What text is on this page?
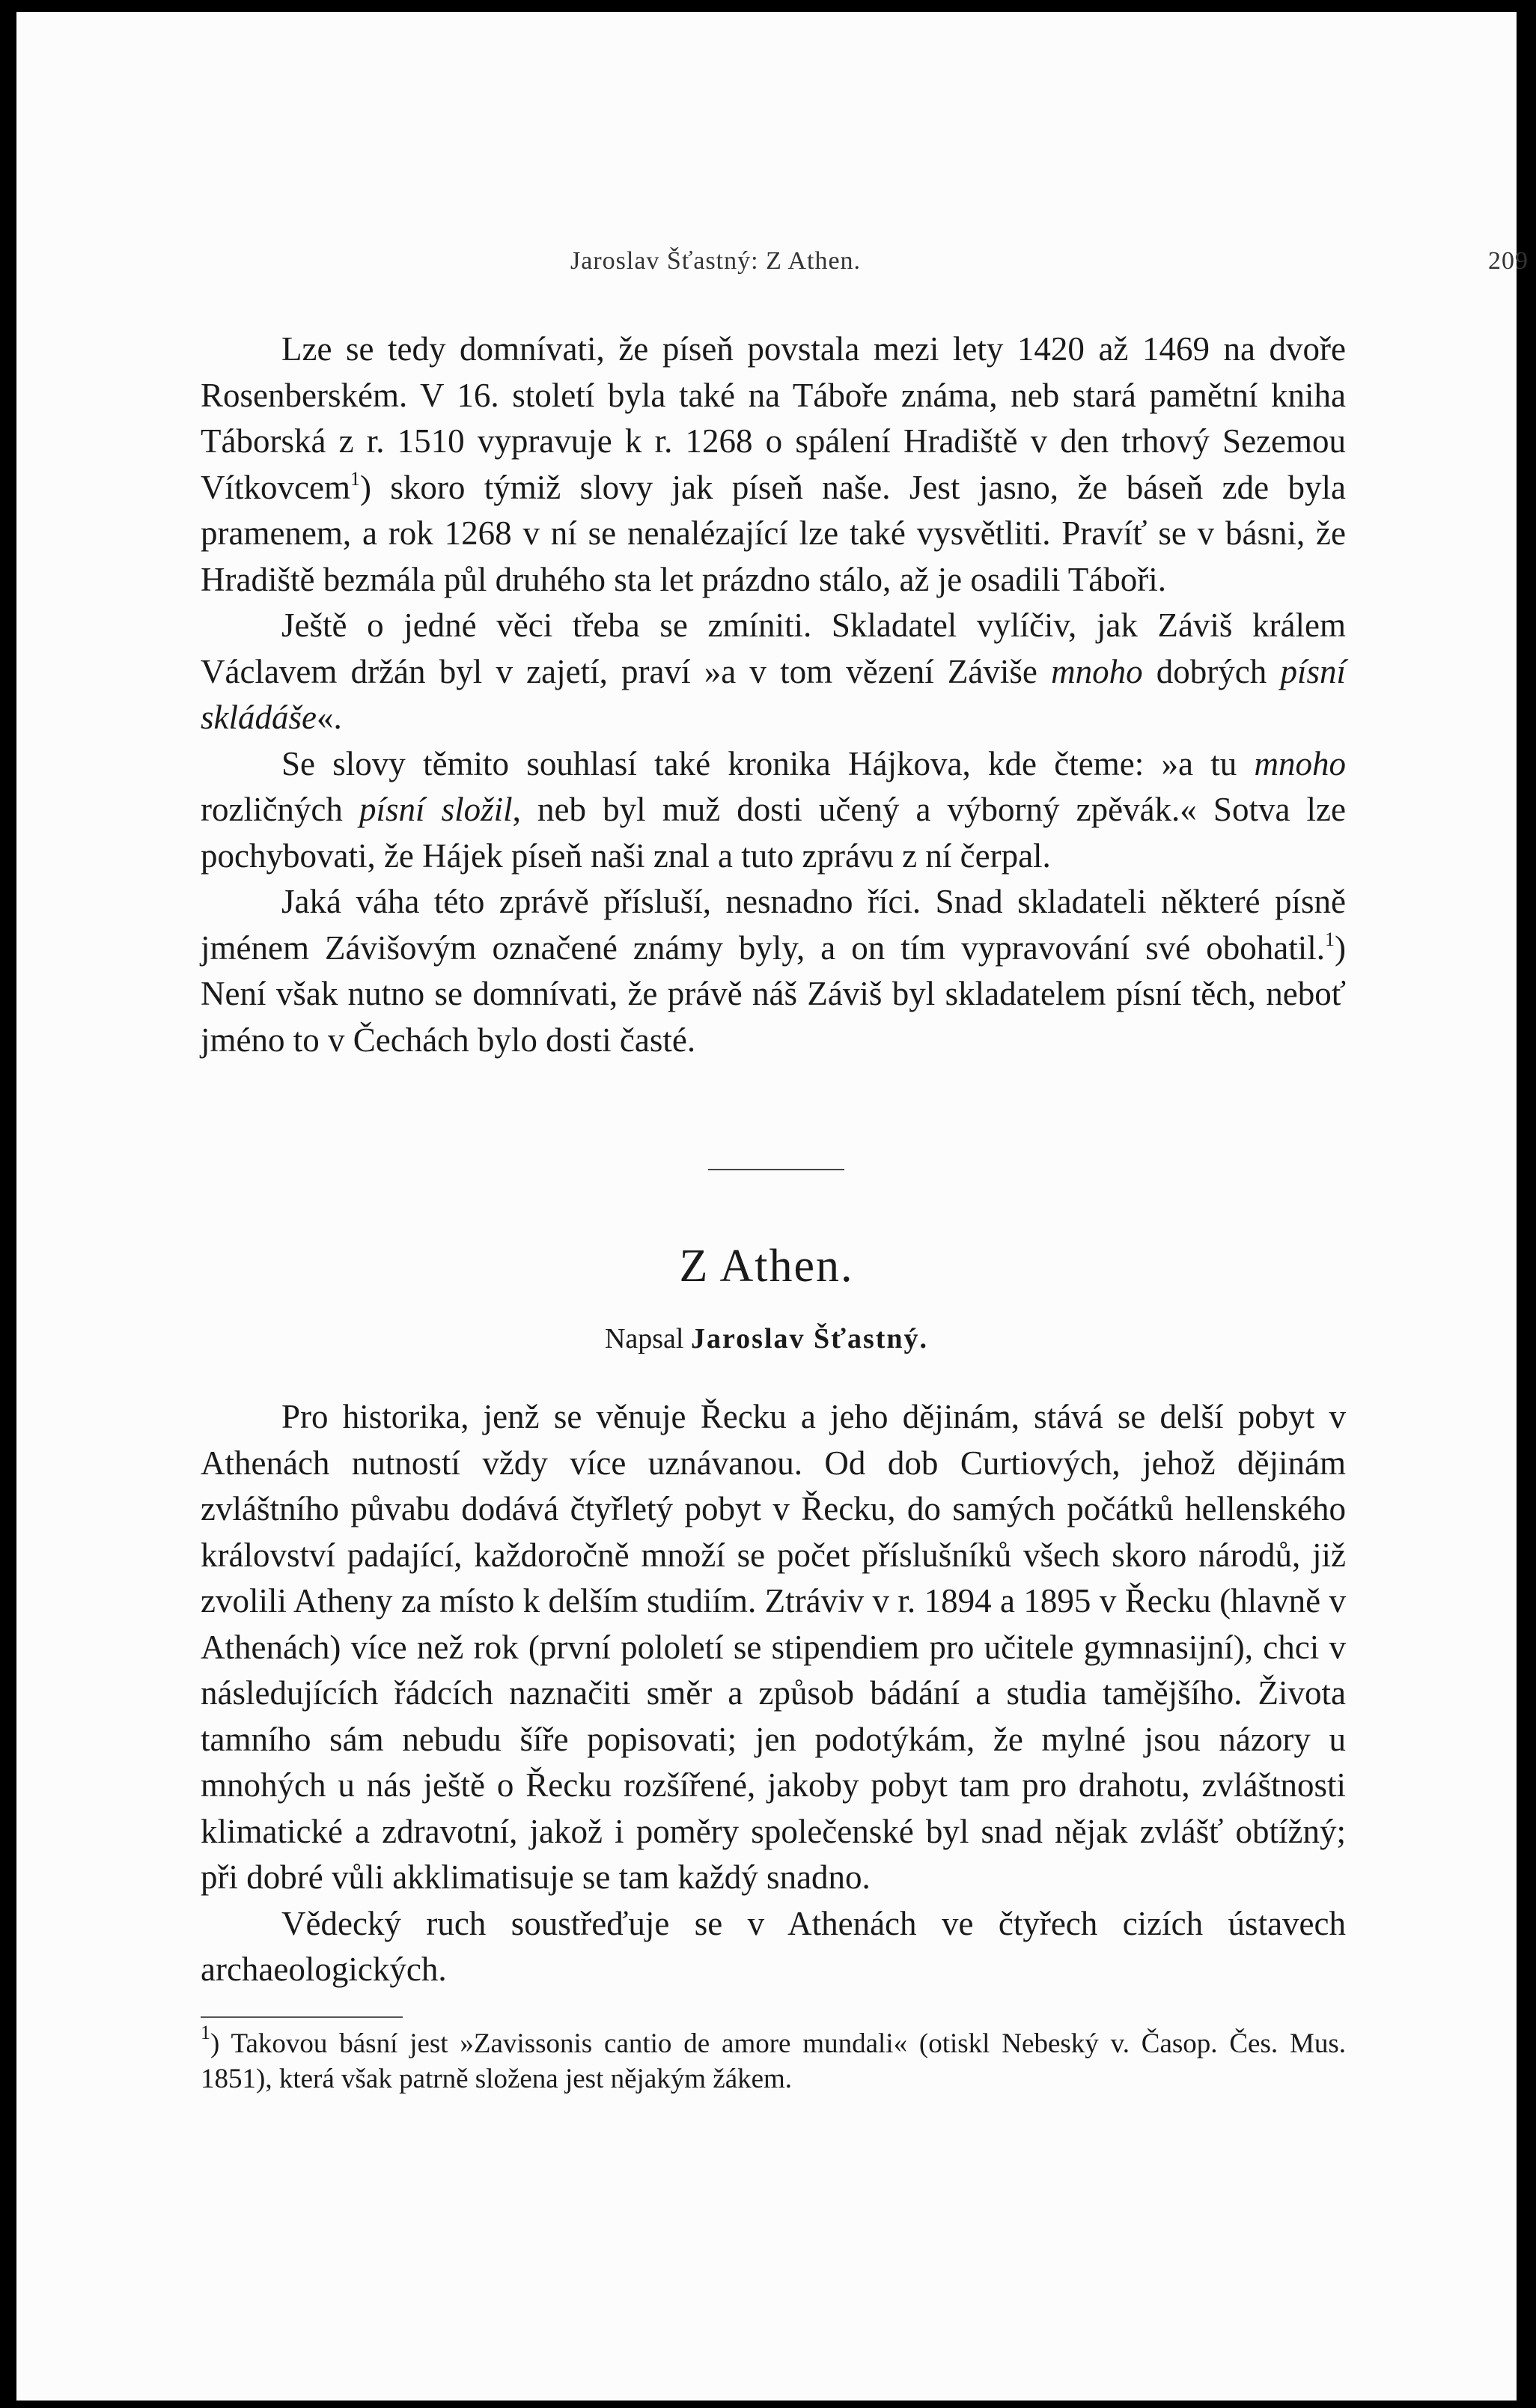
Jaroslav Šťastný: Z Athen.	209

Lze se tedy domnívati, že píseň povstala mezi lety 1420 až 1469 na dvoře Rosenberském. V 16. století byla také na Táboře známa, neb stará pamětní kniha Táborská z r. 1510 vypravuje k r. 1268 o spálení Hradiště v den trhový Sezemou Vítkovcem$^1$) skoro týmiž slovy jak píseň naše. Jest jasno, že báseň zde byla pramenem, a rok 1268 v ní se nenalézající lze také vysvětliti. Pravíť se v básni, že Hradiště bezmála půl druhého sta let prázdno stálo, až je osadili Táboři.

Ještě o jedné věci třeba se zmíniti. Skladatel vylíčiv, jak Záviš králem Václavem držán byl v zajetí, praví »a v tom vězení Záviše mnoho dobrých písní skládáše«.

Se slovy těmito souhlasí také kronika Hájkova, kde čteme: »a tu mnoho rozličných písní složil, neb byl muž dosti učený a výborný zpěvák.« Sotva lze pochybovati, že Hájek píseň naši znal a tuto zprávu z ní čerpal.

Jaká váha této zprávě přísluší, nesnadno říci. Snad skladateli některé písně jménem Závišovým označené známy byly, a on tím vypravování své obohatil.$^1$) Není však nutno se domnívati, že právě náš Záviš byl skladatelem písní těch, neboť jméno to v Čechách bylo dosti časté.

Z Athen.
Napsal Jaroslav Šťastný.

Pro historika, jenž se věnuje Řecku a jeho dějinám, stává se delší pobyt v Athenách nutností vždy více uznávanou. Od dob Curtiových, jehož dějinám zvláštního půvabu dodává čtyřletý pobyt v Řecku, do samých počátků hellenského království padající, každoročně množí se počet příslušníků všech skoro národů, již zvolili Atheny za místo k delším studiím. Ztráviv v r. 1894 a 1895 v Řecku (hlavně v Athenách) více než rok (první pololetí se stipendiem pro učitele gymnasijní), chci v následujících řádcích naznačiti směr a způsob bádání a studia tamějšího. Života tamního sám nebudu šíře popisovati; jen podotýkám, že mylné jsou názory u mnohých u nás ještě o Řecku rozšířené, jakoby pobyt tam pro drahotu, zvláštnosti klimatické a zdravotní, jakož i poměry společenské byl snad nějak zvlášť obtížný; při dobré vůli akklimatisuje se tam každý snadno.

Vědecký ruch soustřeďuje se v Athenách ve čtyřech cizích ústavech archaeologických.

$^1$) Takovou básní jest »Zavissonis cantio de amore mundali« (otiskl Nebeský v. Časop. Čes. Mus. 1851), která však patrně složena jest nějakým žákem.
